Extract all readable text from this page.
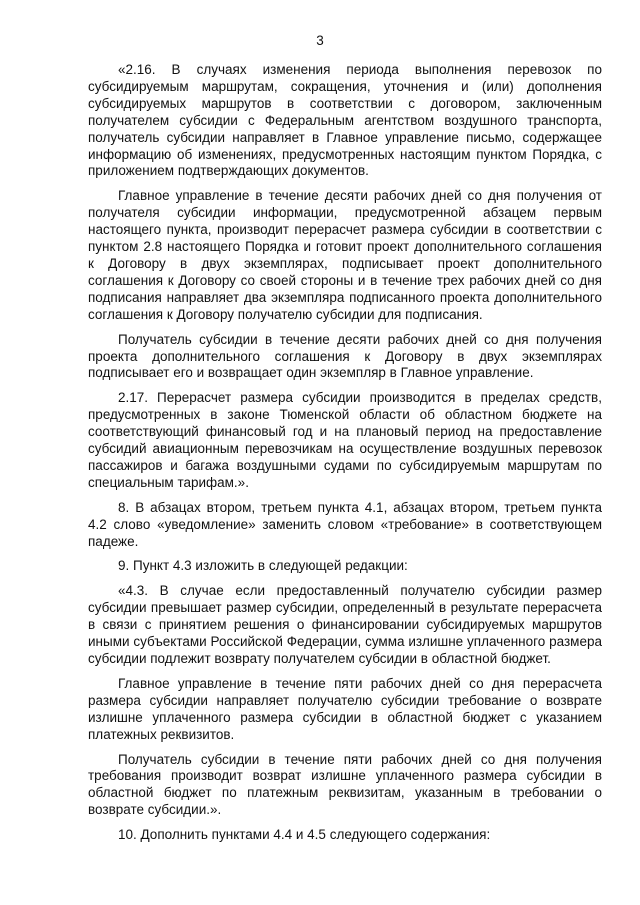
3

«2.16. В случаях изменения периода выполнения перевозок по субсидируемым маршрутам, сокращения, уточнения и (или) дополнения субсидируемых маршрутов в соответствии с договором, заключенным получателем субсидии с Федеральным агентством воздушного транспорта, получатель субсидии направляет в Главное управление письмо, содержащее информацию об изменениях, предусмотренных настоящим пунктом Порядка, с приложением подтверждающих документов.

Главное управление в течение десяти рабочих дней со дня получения от получателя субсидии информации, предусмотренной абзацем первым настоящего пункта, производит перерасчет размера субсидии в соответствии с пунктом 2.8 настоящего Порядка и готовит проект дополнительного соглашения к Договору в двух экземплярах, подписывает проект дополнительного соглашения к Договору со своей стороны и в течение трех рабочих дней со дня подписания направляет два экземпляра подписанного проекта дополнительного соглашения к Договору получателю субсидии для подписания.

Получатель субсидии в течение десяти рабочих дней со дня получения проекта дополнительного соглашения к Договору в двух экземплярах подписывает его и возвращает один экземпляр в Главное управление.

2.17. Перерасчет размера субсидии производится в пределах средств, предусмотренных в законе Тюменской области об областном бюджете на соответствующий финансовый год и на плановый период на предоставление субсидий авиационным перевозчикам на осуществление воздушных перевозок пассажиров и багажа воздушными судами по субсидируемым маршрутам по специальным тарифам.».

8. В абзацах втором, третьем пункта 4.1, абзацах втором, третьем пункта 4.2 слово «уведомление» заменить словом «требование» в соответствующем падеже.

9. Пункт 4.3 изложить в следующей редакции:

«4.3. В случае если предоставленный получателю субсидии размер субсидии превышает размер субсидии, определенный в результате перерасчета в связи с принятием решения о финансировании субсидируемых маршрутов иными субъектами Российской Федерации, сумма излишне уплаченного размера субсидии подлежит возврату получателем субсидии в областной бюджет.

Главное управление в течение пяти рабочих дней со дня перерасчета размера субсидии направляет получателю субсидии требование о возврате излишне уплаченного размера субсидии в областной бюджет с указанием платежных реквизитов.

Получатель субсидии в течение пяти рабочих дней со дня получения требования производит возврат излишне уплаченного размера субсидии в областной бюджет по платежным реквизитам, указанным в требовании о возврате субсидии.».

10. Дополнить пунктами 4.4 и 4.5 следующего содержания:
